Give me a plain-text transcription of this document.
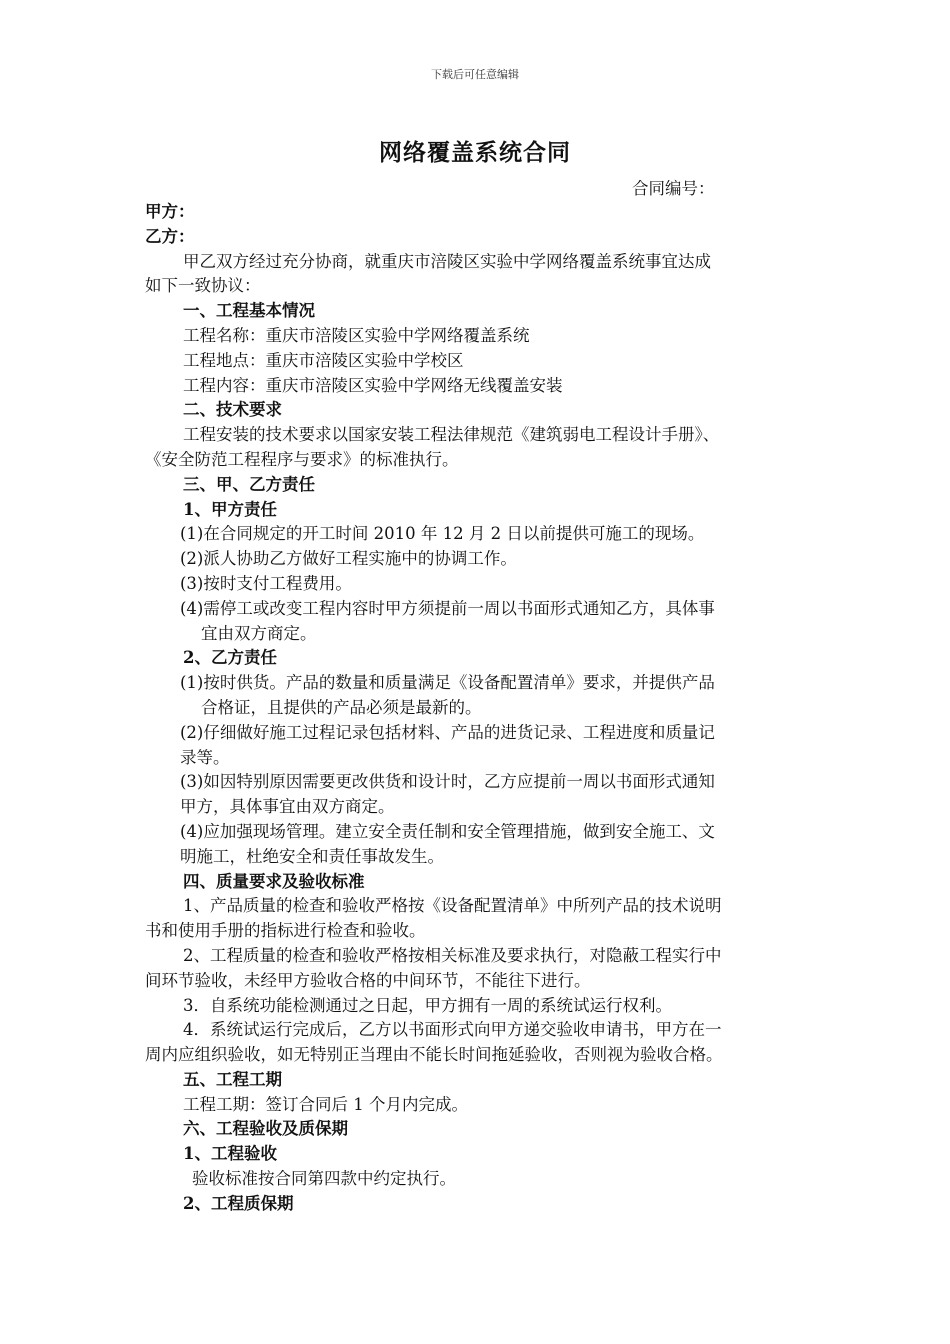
下载后可任意编辑
网络覆盖系统合同
合同编号：

甲方：

乙方：

甲乙双方经过充分协商，就重庆市涪陵区实验中学网络覆盖系统事宜达成

如下一致协议：

一、工程基本情况

工程名称：重庆市涪陵区实验中学网络覆盖系统

工程地点：重庆市涪陵区实验中学校区

工程内容：重庆市涪陵区实验中学网络无线覆盖安装

二、技术要求

工程安装的技术要求以国家安装工程法律规范《建筑弱电工程设计手册》、

《安全防范工程程序与要求》的标准执行。

三、甲、乙方责任

1、甲方责任

(1)在合同规定的开工时间 2010 年 12 月 2 日以前提供可施工的现场。

(2)派人协助乙方做好工程实施中的协调工作。

(3)按时支付工程费用。

(4)需停工或改变工程内容时甲方须提前一周以书面形式通知乙方，具体事

宜由双方商定。

2、乙方责任

(1)按时供货。产品的数量和质量满足《设备配置清单》要求，并提供产品

合格证，且提供的产品必须是最新的。

(2)仔细做好施工过程记录包括材料、产品的进货记录、工程进度和质量记

录等。

(3)如因特别原因需要更改供货和设计时，乙方应提前一周以书面形式通知

甲方，具体事宜由双方商定。

(4)应加强现场管理。建立安全责任制和安全管理措施，做到安全施工、文

明施工，杜绝安全和责任事故发生。

四、质量要求及验收标准

1、产品质量的检查和验收严格按《设备配置清单》中所列产品的技术说明

书和使用手册的指标进行检查和验收。

2、工程质量的检查和验收严格按相关标准及要求执行，对隐蔽工程实行中

间环节验收，未经甲方验收合格的中间环节，不能往下进行。

3．自系统功能检测通过之日起，甲方拥有一周的系统试运行权利。

4．系统试运行完成后，乙方以书面形式向甲方递交验收申请书，甲方在一

周内应组织验收，如无特别正当理由不能长时间拖延验收，否则视为验收合格。

五、工程工期

工程工期：签订合同后 1 个月内完成。

六、工程验收及质保期

1、工程验收

验收标准按合同第四款中约定执行。

2、工程质保期
